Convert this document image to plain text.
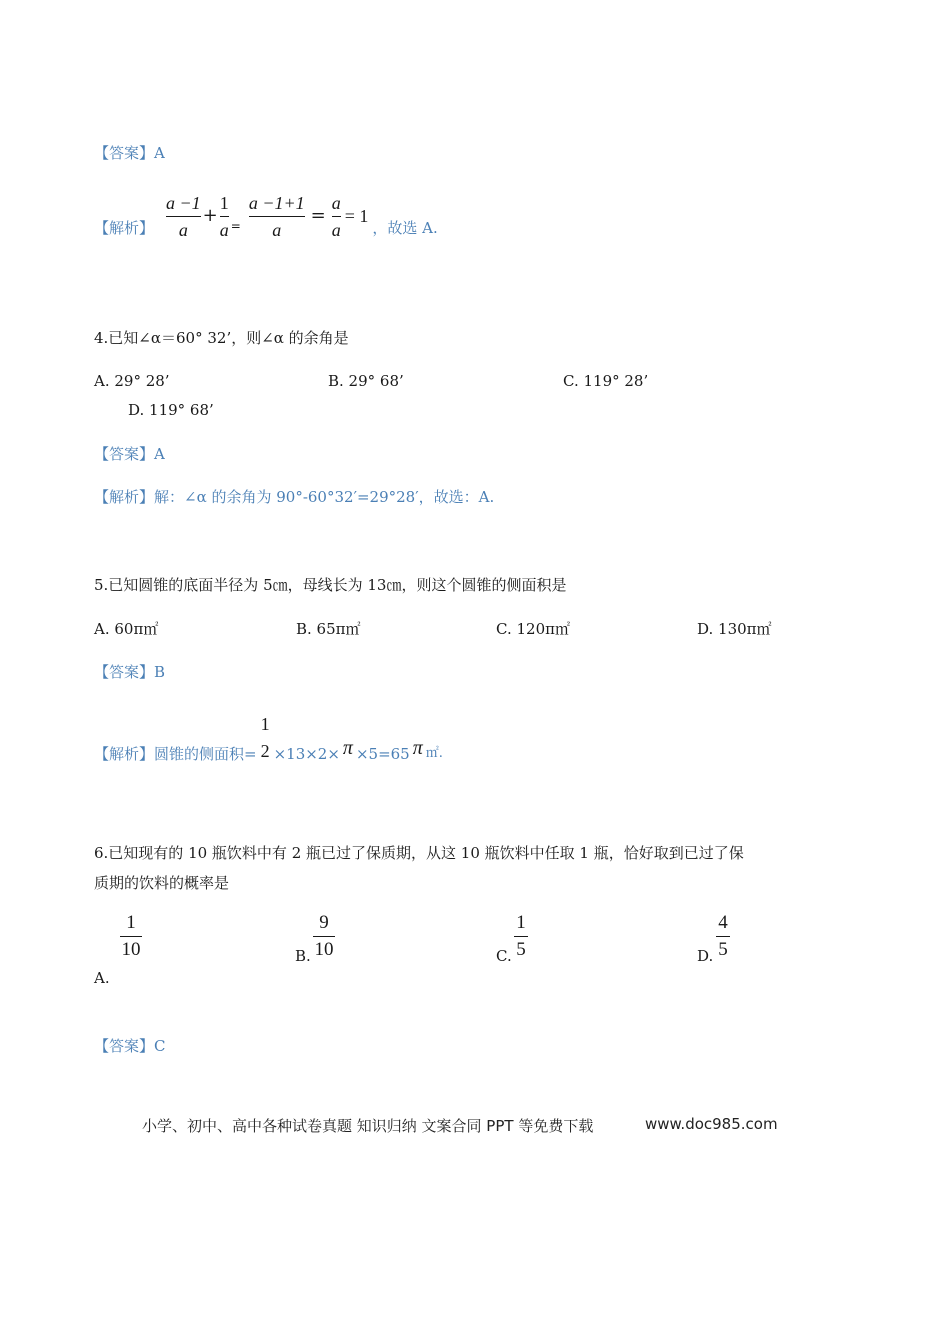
【答案】A
【解析】 $\frac{a -1}{a} + \frac{1}{a} = \frac{a -1+1}{a} = \frac{a}{a} = 1$
，故选 A.
4.已知∠α＝60° 32’，则∠α 的余角是
A. 29° 28’	B. 29° 68’	C. 119° 28’
D. 119° 68’
【答案】A
【解析】解：∠α 的余角为 90°-60°32′=29°28′，故选：A.
5.已知圆锥的底面半径为 5㎝，母线长为 13㎝，则这个圆锥的侧面积是
A. 60π㎡	B. 65π㎡	C. 120π㎡	D. 130π㎡
【答案】B
【解析】圆锥的侧面积=
1
2 ×13×2× π ×5=65 π ㎡.
6.已知现有的 10 瓶饮料中有 2 瓶已过了保质期，从这 10 瓶饮料中任取 1 瓶，恰好取到已过了保
质期的饮料的概率是
1
10
A.
B.
9
10	C.
1
5	D.
4
5
【答案】C
小学、初中、高中各种试卷真题 知识归纳 文案合同 PPT 等免费下载	www.doc985.com
